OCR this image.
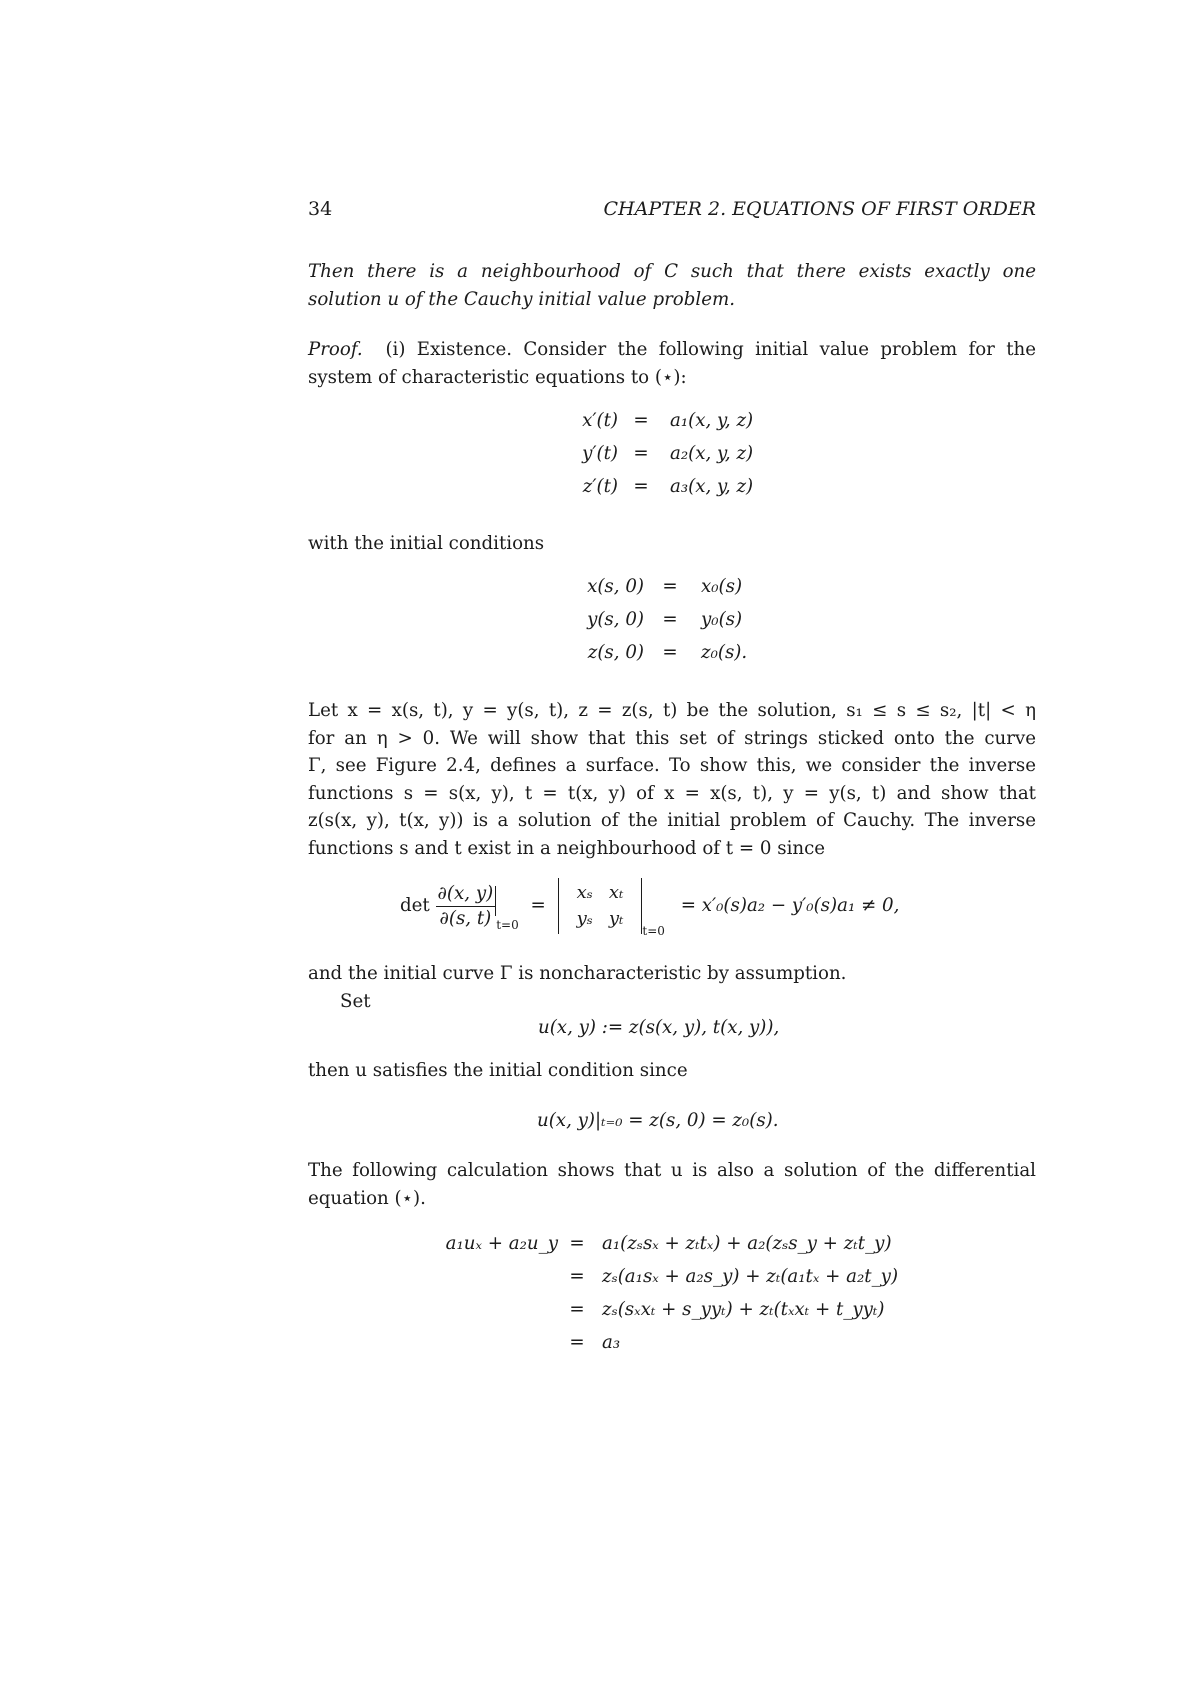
34	CHAPTER 2. EQUATIONS OF FIRST ORDER
Then there is a neighbourhood of C such that there exists exactly one
solution u of the Cauchy initial value problem.
Proof. (i) Existence. Consider the following initial value problem for the
system of characteristic equations to (⋆):
x′(t) =	a₁(x, y, z)
y′(t) =	a₂(x, y, z)
z′(t) =	a₃(x, y, z)
with the initial conditions
x(s, 0)	=	x₀(s)
y(s, 0)	=	y₀(s)
z(s, 0)	=	z₀(s).
Let x = x(s, t), y = y(s, t), z = z(s, t) be the solution, s₁ ≤ s ≤ s₂, |t| < η
for an η > 0. We will show that this set of strings sticked onto the curve
Γ, see Figure 2.4, defines a surface. To show this, we consider the inverse
functions s = s(x, y), t = t(x, y) of x = x(s, t), y = y(s, t) and show that
z(s(x, y), t(x, y)) is a solution of the initial problem of Cauchy. The inverse
functions s and t exist in a neighbourhood of t = 0 since
$\det \frac{\partial(x, y)}{\partial(s, t)} _{t=0}$ =
xₛ	xₜ
yₛ	yₜ
$_{t=0}$ = x′₀(s)a₂ − y′₀(s)a₁ ≠ 0,
and the initial curve Γ is noncharacteristic by assumption.
Set
u(x, y) := z(s(x, y), t(x, y)),
then u satisfies the initial condition since
u(x, y)|ₜ₌₀ = z(s, 0) = z₀(s).
The following calculation shows that u is also a solution of the differential
equation (⋆).
a₁uₓ + a₂u_y = a₁(zₛsₓ + zₜtₓ) + a₂(zₛs_y + zₜt_y)
= zₛ(a₁sₓ + a₂s_y) + zₜ(a₁tₓ + a₂t_y)
= zₛ(sₓxₜ + s_yyₜ) + zₜ(tₓxₜ + t_yyₜ)
= a₃
